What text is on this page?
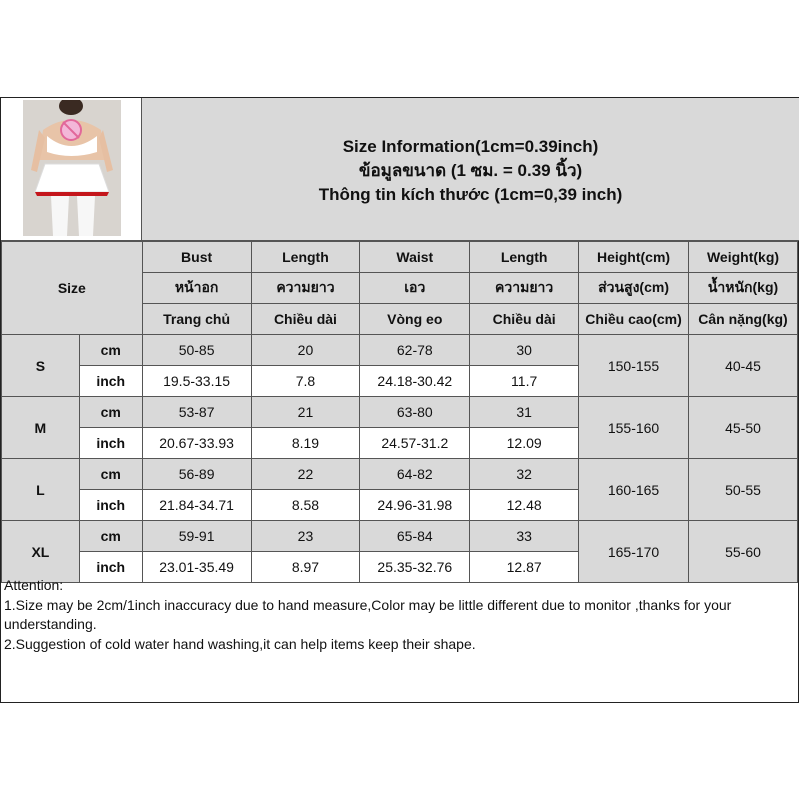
Size Information(1cm=0.39inch)
ข้อมูลขนาด (1 ซม. = 0.39 นิ้ว)
Thông tin kích thước (1cm=0,39 inch)
Size		Bust	Length	Waist	Length	Height(cm)	Weight(kg)
		หน้าอก	ความยาว	เอว	ความยาว	ส่วนสูง(cm)	น้ำหนัก(kg)
		Trang chủ	Chiều dài	Vòng eo	Chiều dài	Chiều cao(cm)	Cân nặng(kg)
S	cm	50-85	20	62-78	30	150-155	40-45
	inch	19.5-33.15	7.8	24.18-30.42	11.7		
M	cm	53-87	21	63-80	31	155-160	45-50
	inch	20.67-33.93	8.19	24.57-31.2	12.09		
L	cm	56-89	22	64-82	32	160-165	50-55
	inch	21.84-34.71	8.58	24.96-31.98	12.48		
XL	cm	59-91	23	65-84	33	165-170	55-60
	inch	23.01-35.49	8.97	25.35-32.76	12.87		
Attention:
1.Size may be 2cm/1inch inaccuracy due to hand measure,Color may be little different due to monitor ,thanks for your understanding.
2.Suggestion of cold water hand washing,it can help items keep their shape.
